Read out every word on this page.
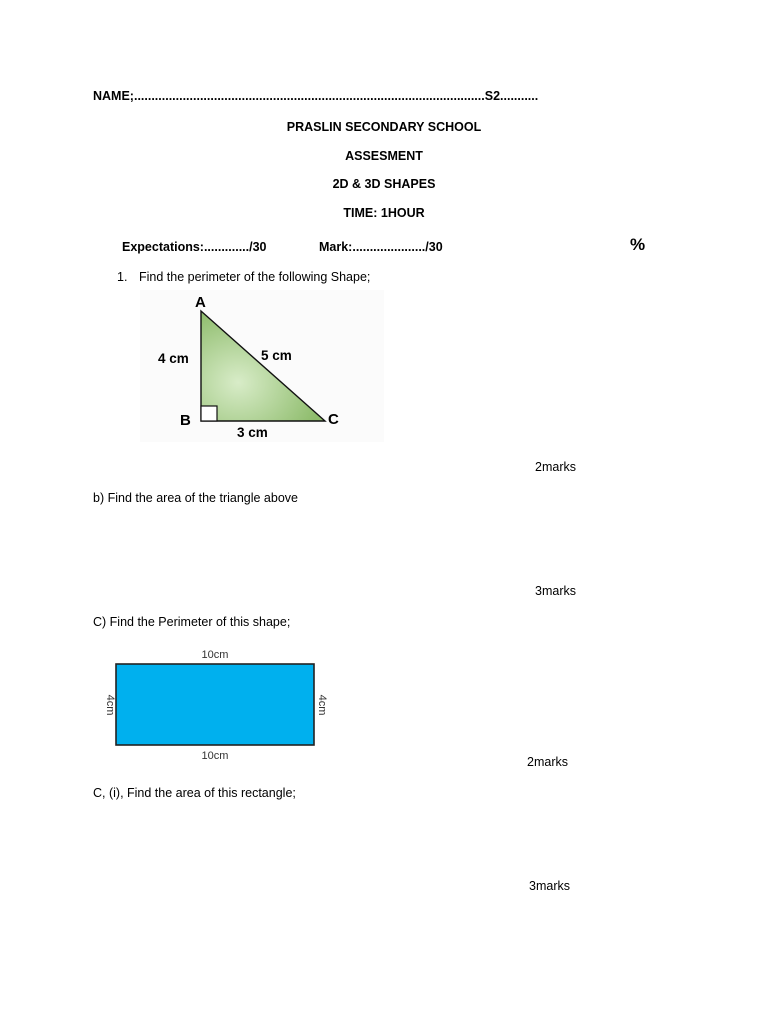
NAME;.....................................................................................................S2...........
PRASLIN SECONDARY SCHOOL
ASSESMENT
2D & 3D SHAPES
TIME: 1HOUR
Expectations:............./30	Mark:...................../30	%
1. Find the perimeter of the following Shape;
A
B	C
4 cm	5 cm
3 cm
2marks
b) Find the area of the triangle above
3marks
C) Find the Perimeter of this shape;
10cm
10cm
4cm	4cm
2marks
C, (i), Find the area of this rectangle;
3marks
